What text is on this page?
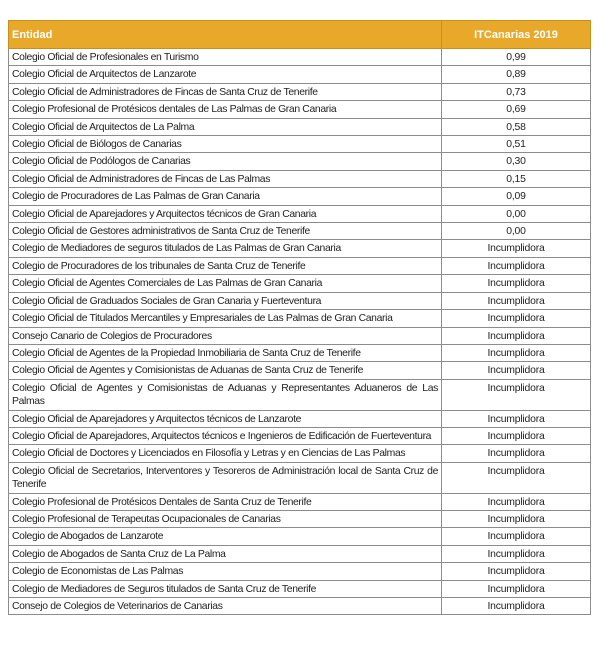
Entidad	ITCanarias 2019
Colegio Oficial de Profesionales en Turismo	0,99
Colegio Oficial de Arquitectos de Lanzarote	0,89
Colegio Oficial de Administradores de Fincas de Santa Cruz de Tenerife	0,73
Colegio Profesional de Protésicos dentales de Las Palmas de Gran Canaria	0,69
Colegio Oficial de Arquitectos de La Palma	0,58
Colegio Oficial de Biólogos de Canarias	0,51
Colegio Oficial de Podólogos de Canarias	0,30
Colegio Oficial de Administradores de Fincas de Las Palmas	0,15
Colegio de Procuradores de Las Palmas de Gran Canaria	0,09
Colegio Oficial de Aparejadores y Arquitectos técnicos de Gran Canaria	0,00
Colegio Oficial de Gestores administrativos de Santa Cruz de Tenerife	0,00
Colegio de Mediadores de seguros titulados de Las Palmas de Gran Canaria	Incumplidora
Colegio de Procuradores de los tribunales de Santa Cruz de Tenerife	Incumplidora
Colegio Oficial de Agentes Comerciales de Las Palmas de Gran Canaria	Incumplidora
Colegio Oficial de Graduados Sociales de Gran Canaria y Fuerteventura	Incumplidora
Colegio Oficial de Titulados Mercantiles y Empresariales de Las Palmas de Gran Canaria	Incumplidora
Consejo Canario de Colegios de Procuradores	Incumplidora
Colegio Oficial de Agentes de la Propiedad Inmobiliaria de Santa Cruz de Tenerife	Incumplidora
Colegio Oficial de Agentes y Comisionistas de Aduanas de Santa Cruz de Tenerife	Incumplidora
Colegio Oficial de Agentes y Comisionistas de Aduanas y Representantes Aduaneros de Las Palmas	Incumplidora
Colegio Oficial de Aparejadores y Arquitectos técnicos de Lanzarote	Incumplidora
Colegio Oficial de Aparejadores, Arquitectos técnicos e Ingenieros de Edificación de Fuerteventura	Incumplidora
Colegio Oficial de Doctores y Licenciados en Filosofía y Letras y en Ciencias de Las Palmas	Incumplidora
Colegio Oficial de Secretarios, Interventores y Tesoreros de Administración local de Santa Cruz de Tenerife	Incumplidora
Colegio Profesional de Protésicos Dentales de Santa Cruz de Tenerife	Incumplidora
Colegio Profesional de Terapeutas Ocupacionales de Canarias	Incumplidora
Colegio de Abogados de Lanzarote	Incumplidora
Colegio de Abogados de Santa Cruz de La Palma	Incumplidora
Colegio de Economistas de Las Palmas	Incumplidora
Colegio de Mediadores de Seguros titulados de Santa Cruz de Tenerife	Incumplidora
Consejo de Colegios de Veterinarios de Canarias	Incumplidora
